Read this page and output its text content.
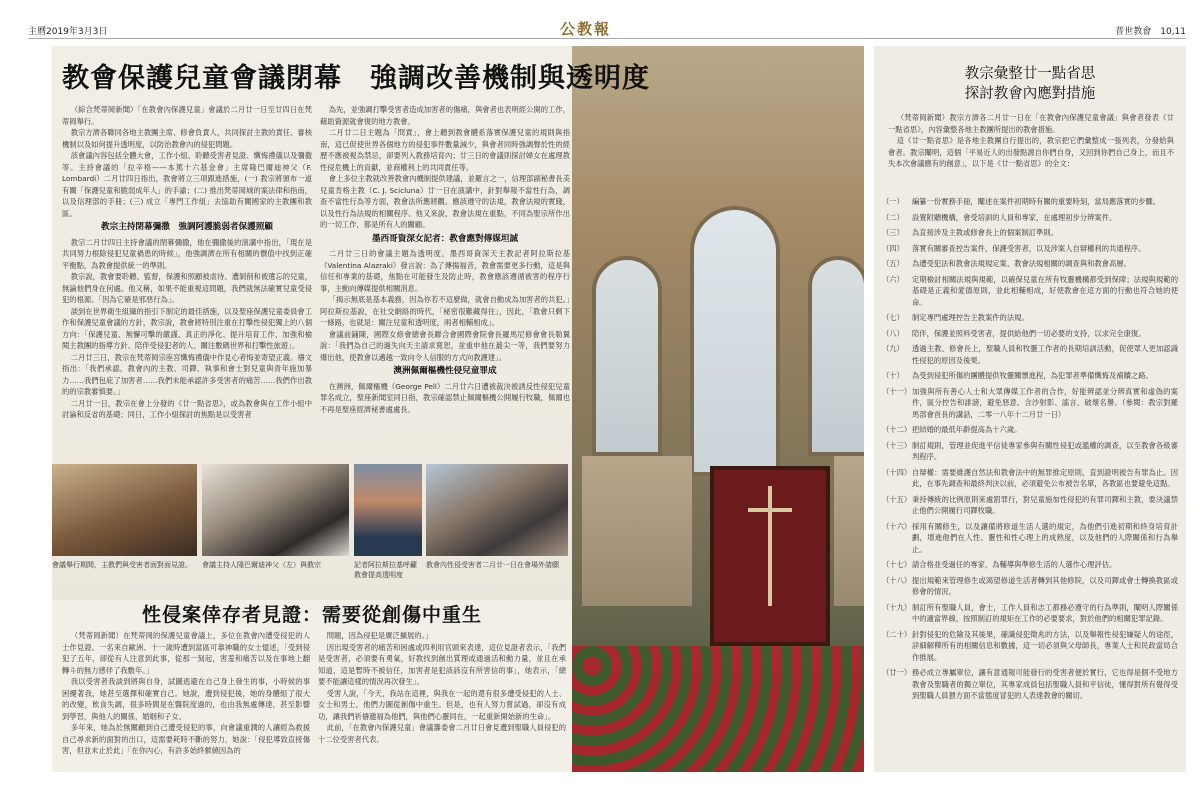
主曆2019年3月3日	公教報	普世教會　10,11
教會保護兒童會議閉幕　強調改善機制與透明度

（綜合梵蒂岡新聞）「在教會內保護兒童」會議於二月廿一日至廿四日在梵蒂岡舉行。

教宗方濟各聯同各地主教團主席、修會負責人，共同探討主教的責任、審核機制以及如何提升透明度，以防治教會內的侵犯問題。

該會議內容包括全體大會，工作小組、聆聽受害者見證、懺悔禮儀以及彌撒等。主持會議的「拉辛格——本篤十六基金會」主席隆巴爾迪神父（F. Lombardi）二月廿四日指出，教會將立三項跟進措施，(一) 教宗將頒布一道有關「保護兒童和脆弱成年人」的手諭；(二) 推出梵蒂岡城的案法律和指南，以及信理部的手冊；(三) 成立「專門工作組」去協助有關國家的主教團和教區。

教宗主持閉幕彌撒　強調阿護脆弱者保護照顧

教宗二月廿四日主持會議的閉幕彌撒，他在彌撒後的演講中指出，「現在是共同努力根除侵犯兒童禍患的時候」，他強調濟在所有相關的價值中找到正確平衡點，為教會提供統一的準則。

教宗說，教會要聆聽、監督，保護和照顧被虐待、遭剝削和被遺忘的兒童，無論他們身在何處。他又稱，如果不能重視這問題，我們就無法確實兒童受侵犯的根源。「因為它確是邪惡行為」。

談到在世界衛生組織的指引下制定的最佳措施，以及聖座保護兒童委員會工作和保護兒童會議的方針，教宗說，教會將特別注重在打擊性侵犯獨上的八個方向：「保護兒童、無懈可擊的嚴謹、真正的淨化、提升培育工作、加強和檢閱主教團的指導方針、陪伴受侵犯者的人、關注數碼世界和打擊性旅遊」。

二月廿三日，教宗在梵蒂岡宗座宮懺悔禮儀中作見心者悔並寄望正義。禱文指出：「我們承認，教會內的主教、司鐸、執事和會士對兒童與青年施加暴力……我們包庇了加害者……我們未能承認許多受害者的痛苦……我們作出教的的宗教審慎要。」

二月廿一日，教宗在會上分發的《廿一點省思》，或為教會與在工作小組中討論和反省的基礎；同日，工作小組探討的焦點是以受害者

為先，並強調打擊受害者造成加害者的傷痛，與會者也表明經公開的工作，藉助資源就會復的地方教會。

二月廿二日主題為「問責」，會上聽到教會體系落實保護兒童的規則與指南，這已促使世界各個地方的侵犯事件數量減少，與會者同時強調聲於性的經歷不應被視為禁忌，卻要列入教務培育內；廿三日的會議則探討婦女在處理教性侵危機上的貢獻，並商權利上的共同責任等。

會上多位主教就改善教會內機制提供建議，並羅言之一，信理部副秘書長美兒童肯格主教（C. J. Scicluna）廿一日在演講中，針對舉報不當性行為，調查不當性行為等方面，教會法所應將觀、應該遵守的法規，教會法規的實踐，以及性行為法規的相關程序。他又來說，教會法規在重點，不同為聖宗所作出的一切工作，都是所有人的關顧。

墨西哥資深女記者：教會應對傳媒坦誠

二月廿三日的會議主題為透明度，墨西哥資深天主教記者阿拉斯拉基（Valentina Alazraki）發言說：為了傳揚福音，教會需要更多行動，這是與信任和專業的基礎，焦點在可能發生及防止時，教會應該遵循被害的程序行事，主動向傳媒提供相關消息。

「揭示無底是基本義務，因為你若不這麼做，就會自動成為加害者的共犯。」阿拉斯拉基說，在社交網絡的時代，「秘密很難藏得住」，因此，「教會只剩下一條路，也就是：關注兒童和透明度，兩者相輔相成」。

會議前鋪陳，國際女修會總會長聯合會國際會院會長羅馬尼修會會長勒翼說：「我們為自己的過失向天主請求寬恕，並重申他在蕞尖一等，我們要努力爆出他，使教會以邁越一致向令人信服的方式向教護建」。

澳洲佩爾樞機性侵兒童罪成

在澳洲，佩爾樞機（George Pell）二月廿六日遭被裁決被誘反性侵犯兒童罪名成立，聖座新聞室同日指，教宗確認禁止佩爾樞機公開履行牧職，佩爾也不再是聖座經濟秘書處處長。

會議舉行期間，主教們與受害者面對面見證。	會議主持人隆巴爾迪神父（左）與教宗	記者阿拉斯拉基呼籲教會提高透明度
教會內性侵受害者二月廿一日在會場外請願
性侵案倖存者見證：需要從創傷中重生

（梵蒂岡新聞）在梵蒂岡的保護兒童會議上，多位在教會內遭受侵犯的人士作見證。一名來自歐洲、十一歲時遭到當區可靠神職的女士憶述，「受到侵犯了五年，卻從有人注意到此事，從那一刻起，害羞和痛苦以及在事地上翻轉斗的無力感伴了我數年。」

我以受害者我談到將與自身，試圖逃避在自己身上發生的事，小時候的事困擾著我，她甚至選擇和確實自己。她說，遭到侵犯後，她的身體組了很大的改變，飲食失調，很多時間是在醫院度過的，也由我無處傳達，甚至影響到學習，與他人的關係，婚姻和子女。

多年來，她為於無關顧到自己遭受侵犯的事，向會議重潤的人讓經為救援自己尋求新的面對的出口，這需要耗時不斷的努力，她說：「侵犯導致直接傷害，但並未止於此」「在你內心，有許多始終縈繞因為的

問題，因為侵犯是廣泛擴展的。」

因出現受害者的痛苦和困處或四利用官頭來表達，這位見證者表示，「我們是受害者，必須要有勇氣，好教找到創出質理或通過活和動力量，並且在承知道，這是暫時不被信任，加害者是犯該該沒有所害信的事」，她表示，「總要不能讓這樣的情況再次發生」。

受害人說，「今天，我站在這裡，與我在一起的還有很多遭受侵犯的人士、女士和男士，他們力圖從創傷中重生。但是，也有人努力嘗試過，卻沒有成功，讓我們祈禱邀福為他們，與他們心靈同在，一起重新開始新的生命」。

此前，「在教會內保護兒童」會議籌委會二月廿日會見遭到聖職人員侵犯的十二位受害者代表。

教宗彙整廿一點省思
探討教會內應對措施

（梵蒂岡新聞）教宗方濟各二月廿一日在「在教會內保護兒童會議」與會者發表《廿一點省思》，內容彙整各地主教團所提出的教會措施。

這《廿一點省思》是各地主教團自行提出的，教宗把它們彙整成一張列表，分發給與會者。教宗闡明，這個「平易近人的出發點源自你們自身，又回到你們自己身上，而且不失本次會議應有的創意」，以下是《廿一點省思》的全文：

（一）	編纂一份實務手冊，闡述在案件初期時有關的重要時刻，當局應落實的步驟。
（二）	設置附聽機構，會受培訓的人員和專家，在處理初步分辨案件。
（三）	為直接涉及主教或修會長上的個案制訂準則。
（四）	落實有關審查控告案件，保護受害者，以及涉案人自辯權利的共通程序。
（五）	為遭受犯法和教會法規規定案、教會法規相關的調查與和教會高層。
（六）	定期檢討相關法規與規範，以確保兒童在所有牧靈機構都受到保障；法規與規範的基礎是正義和愛德原則，並此相輔相成，好使教會在這方面的行動也符合她的使命。
（七）	制定專門處理控告主教案件的法規。
（八）	陪伴，保護並照料受害者，提供給他們一切必要的支持，以求完全康復。
（九）	透過主教、修會長上，聖職人員和牧靈工作者的長期培訓活動，促使眾人更加認識性侵犯的原因及後果。
（十）	為受到侵犯所傷的團體提供牧靈關懷進程，為犯罪者準備懺悔及補贖之路。
（十一） 加強與所有善心人士和大眾傳媒工作者的合作，好能辨認並分辨真實和虛偽的案件，區分控告和誹謗，避免惡意、含沙射影、謠言、破壞名譽。（參閱：教宗對羅馬部會首長的講話，二零一八年十二月廿一日）
（十二） 把結婚的最低年齡提高為十六歲。
（十三） 制訂規則，管理並促進平信徒專家參與有關性侵犯或濫權的調查，以至教會各級審判程序。
（十四） 自辯權：需要維護自然法和教會法中的無罪推定原則，直到證明被告有罪為止。因此，在事先調查和最終判決以前，必須避免公布被告名單，各教區也要避免這點。
（十五） 秉持傳統的比例原則來處罰罪行，對兒童施加性侵犯的有罪司鐸和主教，要決議禁止他們公開履行司鐸牧職。
（十六） 採用有關修生，以及讓備將修道生活人選的規定，為他們引進初期和終身培育計劃，增進他們在人性、靈性和性心理上的成熟度，以及他們的人際關係和行為舉止。
（十七） 請合格並受過任的專家，為輔導與準修生活的人選作心理評估。
（十八） 提出規範來管理修生或渴望修道生活者轉到其他修院，以及司鐸或會士轉換教區或修會的情況。
（十九） 制訂所有聖職人員，會士，工作人員和志工都務必遵守的行為準則，闡明人際關係中的適當界線，按照制訂的規矩在工作的必要要求，對於他們的相關犯罪記錄。
（二十） 針對侵犯的危險及其後果，確識侵犯徵兆的方法，以及舉報性侵犯嫌疑人的途徑，詳細解釋所有的相關信息和數據，這一切必須與父母師長，專業人士和民政當局合作推展。
（廿一） 務必成立專屬單位，讓有意通報可能發行的受害者便於實行，它也得是個不受地方教會及聖職者的獨立單位，其專家成員包括聖職人員和平信徒，懂得對所有覺得受到聖職人員猥方面不當態度冒犯的人表達教會的關切。
